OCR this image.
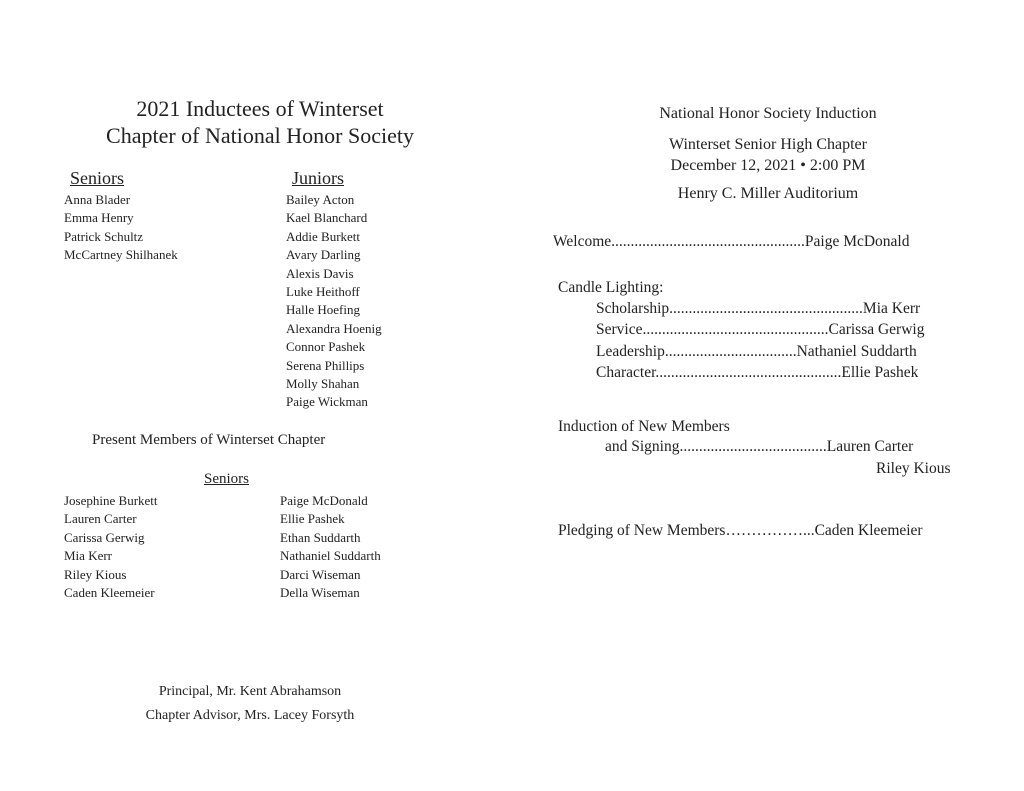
2021 Inductees of Winterset
Chapter of National Honor Society
Seniors	Juniors
Anna Blader
Emma Henry
Patrick Schultz
McCartney Shilhanek
Bailey Acton
Kael Blanchard
Addie Burkett
Avary Darling
Alexis Davis
Luke Heithoff
Halle Hoefing
Alexandra Hoenig
Connor Pashek
Serena Phillips
Molly Shahan
Paige Wickman
Present Members of Winterset Chapter
Seniors
Josephine Burkett
Lauren Carter
Carissa Gerwig
Mia Kerr
Riley Kious
Caden Kleemeier
Paige McDonald
Ellie Pashek
Ethan Suddarth
Nathaniel Suddarth
Darci Wiseman
Della Wiseman
Principal, Mr. Kent Abrahamson
Chapter Advisor, Mrs. Lacey Forsyth
National Honor Society Induction
Winterset Senior High Chapter
December 12, 2021 • 2:00 PM
Henry C. Miller Auditorium
Welcome..................................................Paige McDonald
Candle Lighting:
Scholarship..................................................Mia Kerr
Service................................................Carissa Gerwig
Leadership..................................Nathaniel Suddarth
Character................................................Ellie Pashek
Induction of New Members
and Signing......................................Lauren Carter
Riley Kious
Pledging of New Members……………...Caden Kleemeier
